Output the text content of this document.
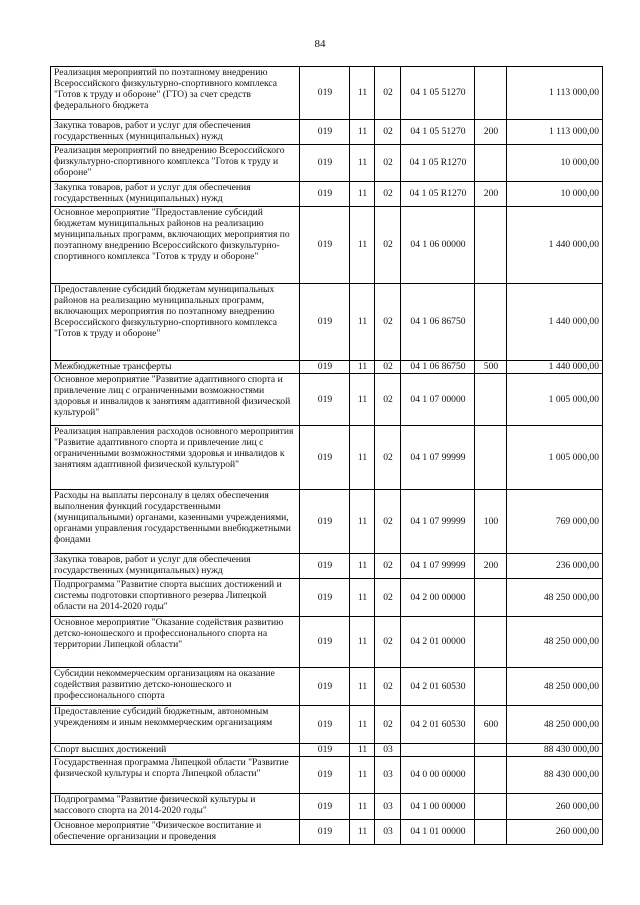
84
Реализация мероприятий по поэтапному внедрению Всероссийского физкультурно-спортивного комплекса "Готов к труду и обороне" (ГТО) за счет средств федерального бюджета	019	11	02	04 1 05 51270		1 113 000,00
Закупка товаров, работ и услуг для обеспечения государственных (муниципальных) нужд	019	11	02	04 1 05 51270	200	1 113 000,00
Реализация мероприятий по внедрению Всероссийского физкультурно-спортивного комплекса "Готов к труду и обороне"	019	11	02	04 1 05 R1270		10 000,00
Закупка товаров, работ и услуг для обеспечения государственных (муниципальных) нужд	019	11	02	04 1 05 R1270	200	10 000,00
Основное мероприятие "Предоставление субсидий бюджетам муниципальных районов на реализацию муниципальных программ, включающих мероприятия по поэтапному внедрению Всероссийского физкультурно-спортивного комплекса "Готов к труду и обороне"	019	11	02	04 1 06 00000		1 440 000,00
Предоставление субсидий бюджетам муниципальных районов на реализацию муниципальных программ, включающих мероприятия по поэтапному внедрению Всероссийского физкультурно-спортивного комплекса "Готов к труду и обороне"	019	11	02	04 1 06 86750		1 440 000,00
Межбюджетные трансферты	019	11	02	04 1 06 86750	500	1 440 000,00
Основное мероприятие "Развитие адаптивного спорта и привлечение лиц с ограниченными возможностями здоровья и инвалидов к занятиям адаптивной физической культурой"	019	11	02	04 1 07 00000		1 005 000,00
Реализация направления расходов основного мероприятия "Развитие адаптивного спорта и привлечение лиц с ограниченными возможностями здоровья и инвалидов к занятиям адаптивной физической культурой"	019	11	02	04 1 07 99999		1 005 000,00
Расходы на выплаты персоналу в целях обеспечения выполнения функций государственными (муниципальными) органами, казенными учреждениями, органами управления государственными внебюджетными фондами	019	11	02	04 1 07 99999	100	769 000,00
Закупка товаров, работ и услуг для обеспечения государственных (муниципальных) нужд	019	11	02	04 1 07 99999	200	236 000,00
Подпрограмма "Развитие спорта высших достижений и системы подготовки спортивного резерва Липецкой области на 2014-2020 годы"	019	11	02	04 2 00 00000		48 250 000,00
Основное мероприятие "Оказание содействия развитию детско-юношеского и профессионального спорта на территории Липецкой области"	019	11	02	04 2 01 00000		48 250 000,00
Субсидии некоммерческим организациям на оказание содействия развитию детско-юношеского и профессионального спорта	019	11	02	04 2 01 60530		48 250 000,00
Предоставление субсидий бюджетным, автономным учреждениям и иным некоммерческим организациям	019	11	02	04 2 01 60530	600	48 250 000,00
Спорт высших достижений	019	11	03			88 430 000,00
Государственная программа Липецкой области "Развитие физической культуры и спорта Липецкой области"	019	11	03	04 0 00 00000		88 430 000,00
Подпрограмма "Развитие физической культуры и массового спорта на 2014-2020 годы"	019	11	03	04 1 00 00000		260 000,00
Основное мероприятие "Физическое воспитание и обеспечение организации и проведения	019	11	03	04 1 01 00000		260 000,00
